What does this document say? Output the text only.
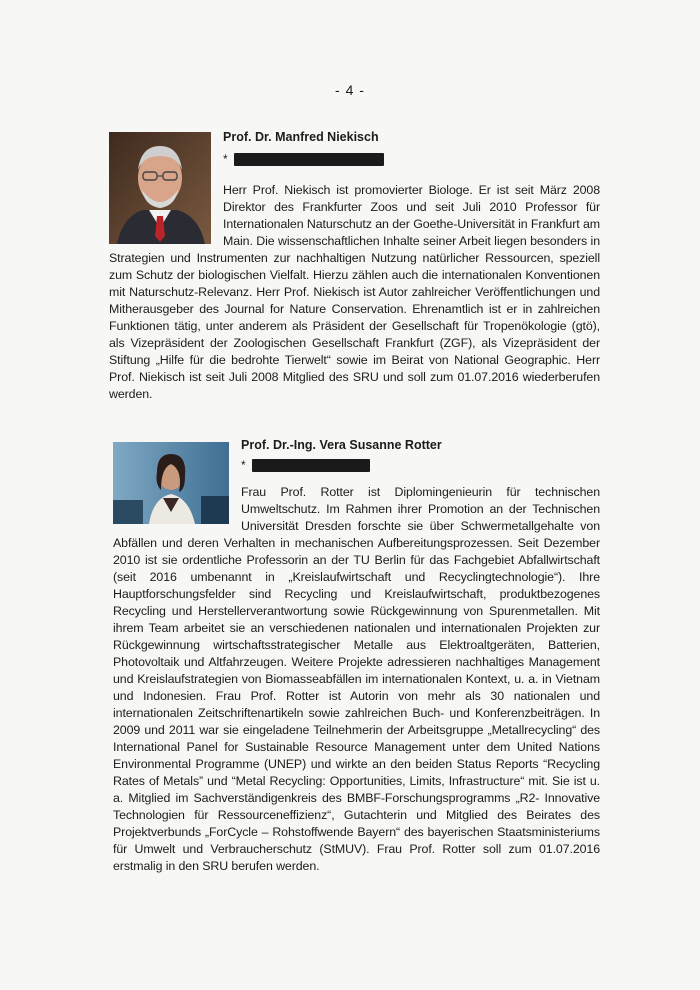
- 4 -
Prof. Dr. Manfred Niekisch
*

Herr Prof. Niekisch ist promovierter Biologe. Er ist seit März 2008 Direktor des Frankfurter Zoos und seit Juli 2010 Professor für Internationalen Naturschutz an der Goethe-Universität in Frankfurt am Main. Die wissenschaftlichen Inhalte seiner Arbeit liegen besonders in Strategien und Instrumenten zur nachhaltigen Nutzung natürlicher Ressourcen, speziell zum Schutz der biologischen Vielfalt. Hierzu zählen auch die internationalen Konventionen mit Naturschutz-Relevanz. Herr Prof. Niekisch ist Autor zahlreicher Veröffentlichungen und Mitherausgeber des Journal for Nature Conservation. Ehrenamtlich ist er in zahlreichen Funktionen tätig, unter anderem als Präsident der Gesellschaft für Tropenökologie (gtö), als Vizepräsident der Zoologischen Gesellschaft Frankfurt (ZGF), als Vizepräsident der Stiftung „Hilfe für die bedrohte Tierwelt“ sowie im Beirat von National Geographic. Herr Prof. Niekisch ist seit Juli 2008 Mitglied des SRU und soll zum 01.07.2016 wiederberufen werden.

Prof. Dr.-Ing. Vera Susanne Rotter
*

Frau Prof. Rotter ist Diplomingenieurin für technischen Umweltschutz. Im Rahmen ihrer Promotion an der Technischen Universität Dresden forschte sie über Schwermetallgehalte von Abfällen und deren Verhalten in mechanischen Aufbereitungsprozessen. Seit Dezember 2010 ist sie ordentliche Professorin an der TU Berlin für das Fachgebiet Abfallwirtschaft (seit 2016 umbenannt in „Kreislaufwirtschaft und Recyclingtechnologie“). Ihre Hauptforschungsfelder sind Recycling und Kreislaufwirtschaft, produktbezogenes Recycling und Herstellerverantwortung sowie Rückgewinnung von Spurenmetallen. Mit ihrem Team arbeitet sie an verschiedenen nationalen und internationalen Projekten zur Rückgewinnung wirtschaftsstrategischer Metalle aus Elektroaltgeräten, Batterien, Photovoltaik und Altfahrzeugen. Weitere Projekte adressieren nachhaltiges Management und Kreislaufstrategien von Biomasseabfällen im internationalen Kontext, u. a. in Vietnam und Indonesien. Frau Prof. Rotter ist Autorin von mehr als 30 nationalen und internationalen Zeitschriftenartikeln sowie zahlreichen Buch- und Konferenzbeiträgen. In 2009 und 2011 war sie eingeladene Teilnehmerin der Arbeitsgruppe „Metallrecycling“ des International Panel for Sustainable Resource Management unter dem United Nations Environmental Programme (UNEP) und wirkte an den beiden Status Reports “Recycling Rates of Metals” und “Metal Recycling: Opportunities, Limits, Infrastructure“ mit. Sie ist u. a. Mitglied im Sachverständigenkreis des BMBF-Forschungsprogramms „R2- Innovative Technologien für Ressourceneffizienz“, Gutachterin und Mitglied des Beirates des Projektverbunds „ForCycle – Rohstoffwende Bayern“ des bayerischen Staatsministeriums für Umwelt und Verbraucherschutz (StMUV). Frau Prof. Rotter soll zum 01.07.2016 erstmalig in den SRU berufen werden.
